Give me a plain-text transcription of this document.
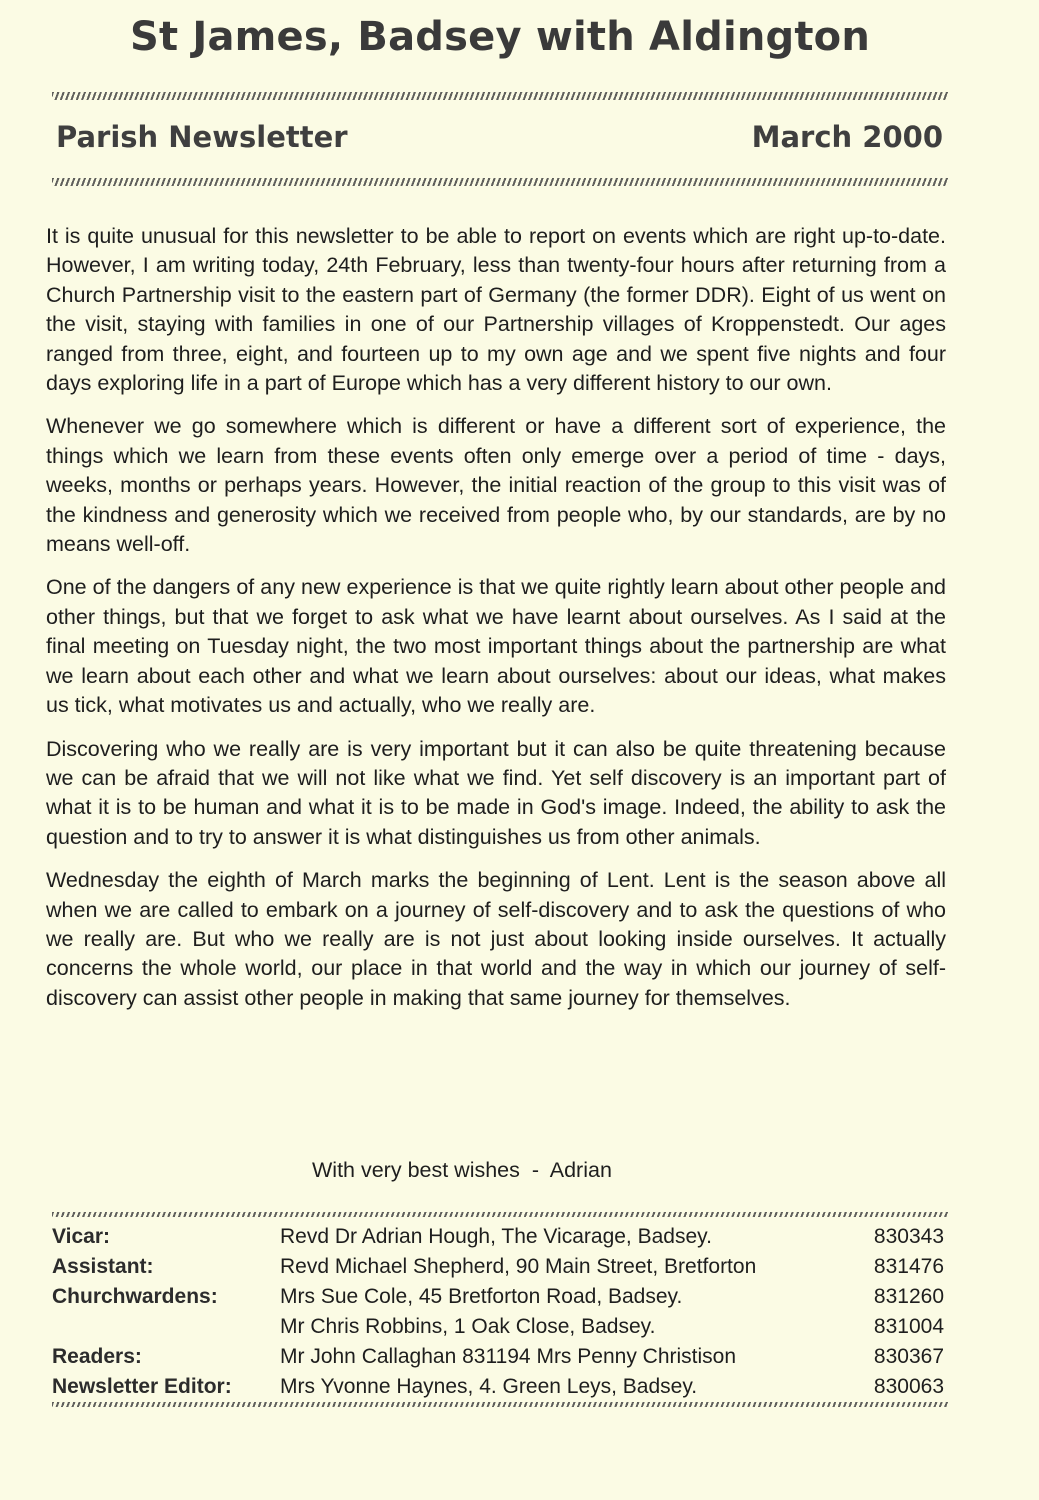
St James, Badsey with Aldington
Parish Newsletter	March 2000

It is quite unusual for this newsletter to be able to report on events which are right up-to-date. However, I am writing today, 24th February, less than twenty-four hours after returning from a Church Partnership visit to the eastern part of Germany (the former DDR). Eight of us went on the visit, staying with families in one of our Partnership villages of Kroppenstedt. Our ages ranged from three, eight, and fourteen up to my own age and we spent five nights and four days exploring life in a part of Europe which has a very different history to our own.

Whenever we go somewhere which is different or have a different sort of experience, the things which we learn from these events often only emerge over a period of time - days, weeks, months or perhaps years. However, the initial reaction of the group to this visit was of the kindness and generosity which we received from people who, by our standards, are by no means well-off.

One of the dangers of any new experience is that we quite rightly learn about other people and other things, but that we forget to ask what we have learnt about ourselves. As I said at the final meeting on Tuesday night, the two most important things about the partnership are what we learn about each other and what we learn about ourselves: about our ideas, what makes us tick, what motivates us and actually, who we really are.

Discovering who we really are is very important but it can also be quite threatening because we can be afraid that we will not like what we find. Yet self discovery is an important part of what it is to be human and what it is to be made in God's image. Indeed, the ability to ask the question and to try to answer it is what distinguishes us from other animals.

Wednesday the eighth of March marks the beginning of Lent. Lent is the season above all when we are called to embark on a journey of self-discovery and to ask the questions of who we really are. But who we really are is not just about looking inside ourselves. It actually concerns the whole world, our place in that world and the way in which our journey of self-discovery can assist other people in making that same journey for themselves.

With very best wishes  -  Adrian
Vicar:	Revd Dr Adrian Hough, The Vicarage, Badsey.	830343
Assistant:	Revd Michael Shepherd, 90 Main Street, Bretforton	831476
Churchwardens:	Mrs Sue Cole, 45 Bretforton Road, Badsey.	831260
	Mr Chris Robbins, 1 Oak Close, Badsey.	831004
Readers:	Mr John Callaghan 831194 Mrs Penny Christison	830367
Newsletter Editor:	Mrs Yvonne Haynes, 4. Green Leys, Badsey.	830063
